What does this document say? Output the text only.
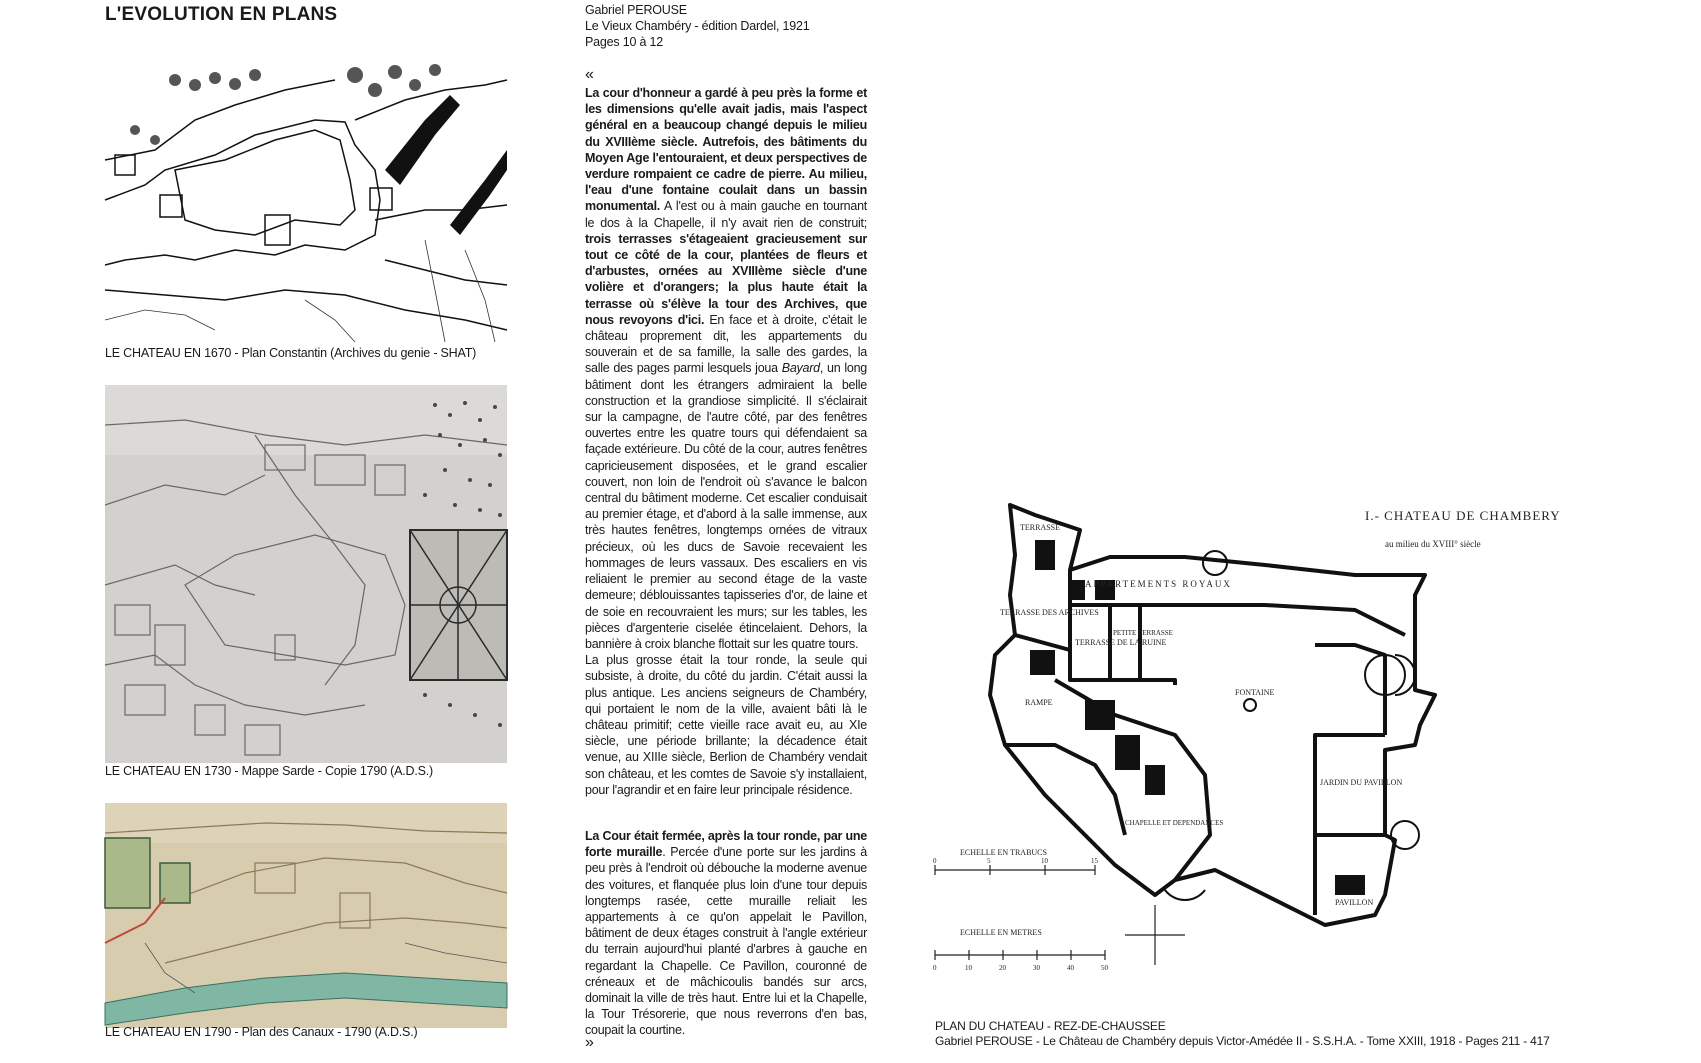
L'EVOLUTION EN PLANS
LE CHATEAU EN 1670 - Plan Constantin (Archives du genie - SHAT)
LE CHATEAU EN 1730 - Mappe Sarde - Copie 1790 (A.D.S.)
LE CHATEAU EN 1790 - Plan des Canaux - 1790 (A.D.S.)
Gabriel PEROUSE
Le Vieux Chambéry - édition Dardel, 1921
Pages 10 à 12
«

La cour d'honneur a gardé à peu près la forme et les dimensions qu'elle avait jadis, mais l'aspect général en a beaucoup changé depuis le milieu du XVIIIème siècle. Autrefois, des bâtiments du Moyen Age l'entouraient, et deux perspectives de verdure rompaient ce cadre de pierre. Au milieu, l'eau d'une fontaine coulait dans un bassin monumental. A l'est ou à main gauche en tournant le dos à la Chapelle, il n'y avait rien de construit; trois terrasses s'étageaient gracieusement sur tout ce côté de la cour, plantées de fleurs et d'arbustes, ornées au XVIIIème siècle d'une volière et d'orangers; la plus haute était la terrasse où s'élève la tour des Archives, que nous revoyons d'ici. En face et à droite, c'était le château proprement dit, les appartements du souverain et de sa famille, la salle des gardes, la salle des pages parmi lesquels joua Bayard, un long bâtiment dont les étrangers admiraient la belle construction et la grandiose simplicité. Il s'éclairait sur la campagne, de l'autre côté, par des fenêtres ouvertes entre les quatre tours qui défendaient sa façade extérieure. Du côté de la cour, autres fenêtres capricieusement disposées, et le grand escalier couvert, non loin de l'endroit où s'avance le balcon central du bâtiment moderne. Cet escalier conduisait au premier étage, et d'abord à la salle immense, aux très hautes fenêtres, longtemps ornées de vitraux précieux, où les ducs de Savoie recevaient les hommages de leurs vassaux. Des escaliers en vis reliaient le premier au second étage de la vaste demeure; déblouissantes tapisseries d'or, de laine et de soie en recouvraient les murs; sur les tables, les pièces d'argenterie ciselée étincelaient. Dehors, la bannière à croix blanche flottait sur les quatre tours.

La plus grosse était la tour ronde, la seule qui subsiste, à droite, du côté du jardin. C'était aussi la plus antique. Les anciens seigneurs de Chambéry, qui portaient le nom de la ville, avaient bâti là le château primitif; cette vieille race avait eu, au XIe siècle, une période brillante; la décadence était venue, au XIIIe siècle, Berlion de Chambéry vendait son château, et les comtes de Savoie s'y installaient, pour l'agrandir et en faire leur principale résidence.

La Cour était fermée, après la tour ronde, par une forte muraille. Percée d'une porte sur les jardins à peu près à l'endroit où débouche la moderne avenue des voitures, et flanquée plus loin d'une tour depuis longtemps rasée, cette muraille reliait les appartements à ce qu'on appelait le Pavillon, bâtiment de deux étages construit à l'angle extérieur du terrain aujourd'hui planté d'arbres à gauche en regardant la Chapelle. Ce Pavillon, couronné de créneaux et de mâchicoulis bandés sur arcs, dominait la ville de très haut. Entre lui et la Chapelle, la Tour Trésorerie, que nous reverrons d'en bas, coupait la courtine.

»
I.- CHATEAU DE CHAMBERY
au milieu du XVIII° siècle
TERRASSE
APPARTEMENTS ROYAUX
TERRASSE DES ARCHIVES
TERRASSE DE LA RUINE
PETITE TERRASSE
FONTAINE
JARDIN DU PAVILLON
PAVILLON
CHAPELLE ET DEPENDANCES
RAMPE
ECHELLE EN TRABUCS
ECHELLE EN METRES
0	5	10	15
0	10	20	30	40	50
PLAN DU CHATEAU - REZ-DE-CHAUSSEE
Gabriel PEROUSE - Le Château de Chambéry depuis Victor-Amédée II - S.S.H.A. - Tome XXIII, 1918 - Pages 211 - 417
